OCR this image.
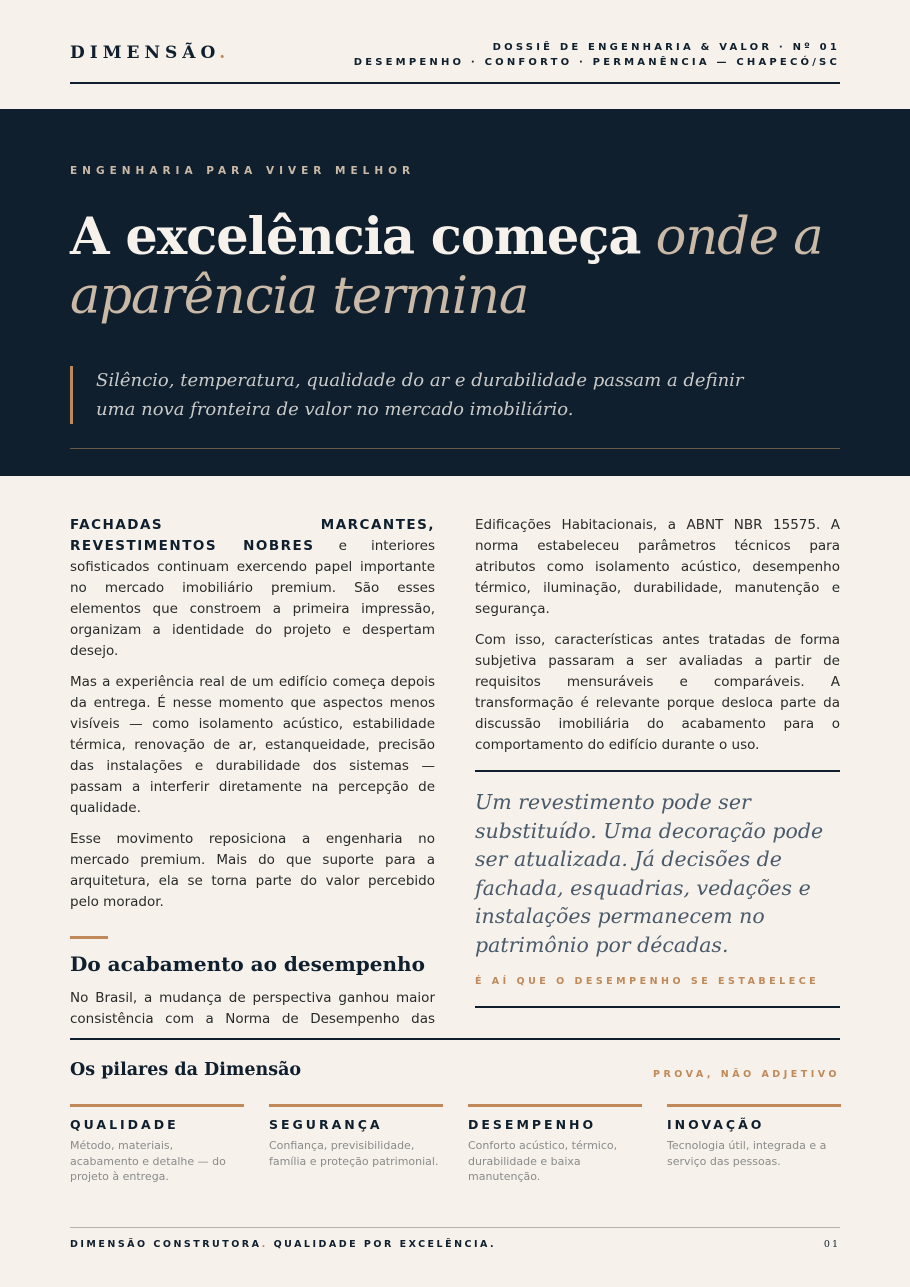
DIMENSÃO.	DOSSIÊ DE ENGENHARIA & VALOR · Nº 01
DESEMPENHO · CONFORTO · PERMANÊNCIA — CHAPECÓ/SC
ENGENHARIA PARA VIVER MELHOR
A excelência começa onde a aparência termina
Silêncio, temperatura, qualidade do ar e durabilidade passam a definir uma nova fronteira de valor no mercado imobiliário.

FACHADAS MARCANTES, REVESTIMENTOS NOBRES e interiores sofisticados continuam exercendo papel importante no mercado imobiliário premium. São esses elementos que constroem a primeira impressão, organizam a identidade do projeto e despertam desejo.

Mas a experiência real de um edifício começa depois da entrega. É nesse momento que aspectos menos visíveis — como isolamento acústico, estabilidade térmica, renovação de ar, estanqueidade, precisão das instalações e durabilidade dos sistemas — passam a interferir diretamente na percepção de qualidade.

Esse movimento reposiciona a engenharia no mercado premium. Mais do que suporte para a arquitetura, ela se torna parte do valor percebido pelo morador.

Do acabamento ao desempenho

No Brasil, a mudança de perspectiva ganhou maior consistência com a Norma de Desempenho das

Edificações Habitacionais, a ABNT NBR 15575. A norma estabeleceu parâmetros técnicos para atributos como isolamento acústico, desempenho térmico, iluminação, durabilidade, manutenção e segurança.

Com isso, características antes tratadas de forma subjetiva passaram a ser avaliadas a partir de requisitos mensuráveis e comparáveis. A transformação é relevante porque desloca parte da discussão imobiliária do acabamento para o comportamento do edifício durante o uso.

Um revestimento pode ser substituído. Uma decoração pode ser atualizada. Já decisões de fachada, esquadrias, vedações e instalações permanecem no patrimônio por décadas.
É AÍ QUE O DESEMPENHO SE ESTABELECE
Os pilares da Dimensão	PROVA, NÃO ADJETIVO
QUALIDADE
Método, materiais, acabamento e detalhe — do projeto à entrega.
SEGURANÇA
Confiança, previsibilidade, família e proteção patrimonial.
DESEMPENHO
Conforto acústico, térmico, durabilidade e baixa manutenção.
INOVAÇÃO
Tecnologia útil, integrada e a serviço das pessoas.
DIMENSÃO CONSTRUTORA. QUALIDADE POR EXCELÊNCIA.	01
